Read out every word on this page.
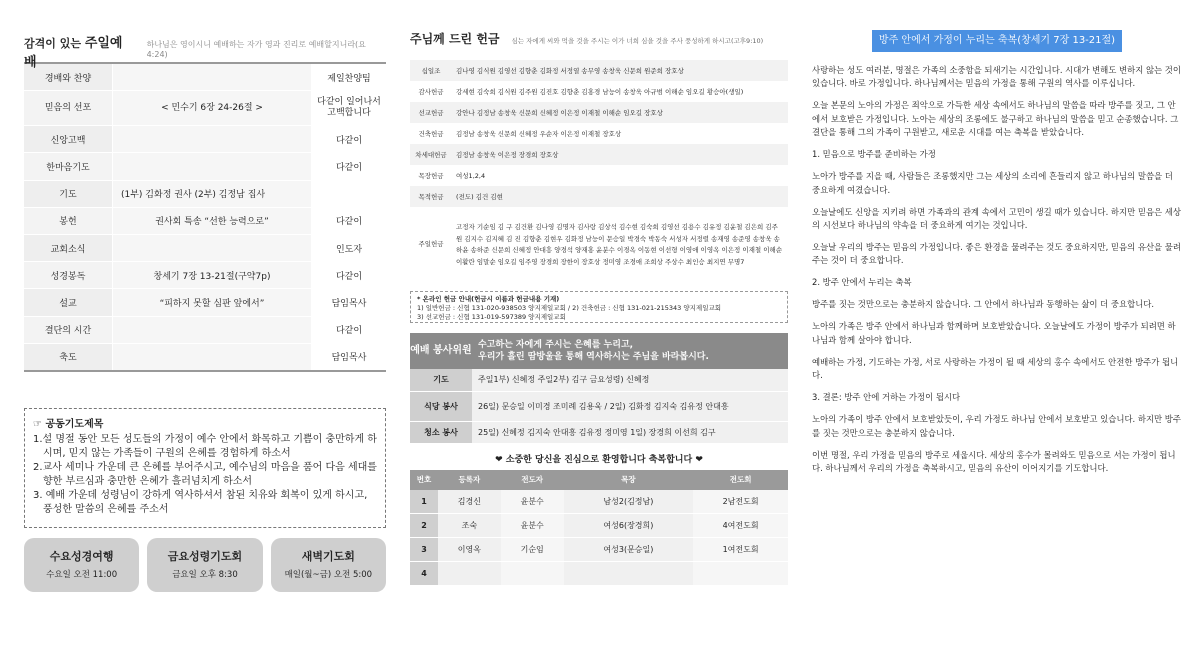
감격이 있는 주일예배
하나님은 영이시니 예배하는 자가 영과 진리로 예배할지니라(요4:24)
경배와 찬양		제일찬양팀
믿음의 선포	< 민수기 6장 24-26절 >	다같이 일어나서 고백합니다
신앙고백		다같이
한마음기도		다같이
기도	(1부) 김화정 권사 (2부) 김정남 집사	
봉헌	권사회 특송 “선한 능력으로”	다같이
교회소식		인도자
성경봉독	창세기 7장 13-21절(구약7p)	다같이
설교	“피하지 못할 심판 앞에서”	담임목사
결단의 시간		다같이
축도		담임목사
☞ 공동기도제목
1.설 명절 동안 모든 성도들의 가정이 예수 안에서 화목하고 기쁨이 충만하게 하시며, 믿지 않는 가족들이 구원의 은혜를 경험하게 하소서
2.교사 세미나 가운데 큰 은혜를 부어주시고, 예수님의 마음을 품어 다음 세대를 향한 부르심과 충만한 은혜가 흘러넘치게 하소서
3. 예배 가운데 성령님이 강하게 역사하셔서 참된 치유와 회복이 있게 하시고, 풍성한 말씀의 은혜를 주소서
수요성경여행
수요일 오전 11:00
금요성령기도회
금요일 오후 8:30
새벽기도회
매일(월~금) 오전 5:00
주님께 드린 헌금 심는 자에게 씨와 먹을 것을 주시는 이가 너희 심을 것을 주사 풍성하게 하시고(고후9:10)
십일조	김나영 김식원 김영선 김향춘 김화정 서정열 송무영 송창욱 신문희 원준희 장호상
감사헌금	강세현 김숙희 김식원 김주원 김진호 김향춘 김홍경 남능이 송창욱 아규범 이해순 임오길 황승아(생일)
선교헌금	강안나 김정남 송창욱 신문희 신혜정 이은정 이재철 이해순 임오길 장호상
건축헌금	김정남 송창욱 신문희 신혜정 우순자 이은정 이재철 장호상
차세대헌금	김정남 송창욱 이은정 장경희 장호상
목장헌금	여성1,2,4
목적헌금	(전도) 김건 김현
주일헌금	고정자 기순임 김 구 김건환 김나영 김명자 김사랑 김상석 김수현 김숙희 김영선 김용수 김유정 김윤철 김은희 김주원 김지수 김지혜 김 진 김향춘 김현우 김화정 남능이 문승일 박경숙 박동숙 서성자 서정렬 송재영 송준영 송창욱 송하윤 송하준 신문희 신혜정 안대흥 양경석 양재홍 윤분수 이경옥 이동현 이선형 이영애 이영옥 이은정 이재철 이해순 이활란 임말순 임오길 임주영 장경희 장한이 장호상 정미영 조경애 조희상 주상수 최인승 최지연 무명7
* 온라인 헌금 안내(헌금시 이름과 헌금내용 기재)
1) 일반헌금 : 신협 131-020-938503 양지제일교회 / 2) 건축헌금 : 신협 131-021-215343 양지제일교회
3) 선교헌금 : 신협 131-019-597389 양지제일교회
예배 봉사위원 수고하는 자에게 주시는 은혜를 누리고,
우리가 흘린 땀방울을 통해 역사하시는 주님을 바라봅시다.
기도	주일1부) 신혜정 주일2부) 김구 금요성령) 신혜정
식당 봉사	26일) 문승일 이미경 조미례 김용욱 / 2일) 김화정 김지숙 김유정 안대흥
청소 봉사	25일) 신혜정 김지숙 안대흥 김유정 정미영 1일) 장경희 이선희 김구
❤ 소중한 당신을 진심으로 환영합니다 축복합니다 ❤
번호	등록자	전도자	목장	전도회
1	김경신	윤분수	남성2(김정남)	2남전도회
2	조숙	윤분수	여성6(장경희)	4여전도회
3	이영옥	기순임	여성3(문승일)	1여전도회
4				
방주 안에서 가정이 누리는 축복(창세기 7장 13-21절)

사랑하는 성도 여러분, 명절은 가족의 소중함을 되새기는 시간입니다. 시대가 변해도 변하지 않는 것이 있습니다. 바로 가정입니다. 하나님께서는 믿음의 가정을 통해 구원의 역사를 이루십니다.

오늘 본문의 노아의 가정은 죄악으로 가득한 세상 속에서도 하나님의 말씀을 따라 방주를 짓고, 그 안에서 보호받은 가정입니다. 노아는 세상의 조롱에도 불구하고 하나님의 말씀을 믿고 순종했습니다. 그 결단을 통해 그의 가족이 구원받고, 새로운 시대를 여는 축복을 받았습니다.

1. 믿음으로 방주를 준비하는 가정

노아가 방주를 지을 때, 사람들은 조롱했지만 그는 세상의 소리에 흔들리지 않고 하나님의 말씀을 더 중요하게 여겼습니다.

오늘날에도 신앙을 지키려 하면 가족과의 관계 속에서 고민이 생길 때가 있습니다. 하지만 믿음은 세상의 시선보다 하나님의 약속을 더 중요하게 여기는 것입니다.

오늘날 우리의 방주는 믿음의 가정입니다. 좋은 환경을 물려주는 것도 중요하지만, 믿음의 유산을 물려주는 것이 더 중요합니다.

2. 방주 안에서 누리는 축복

방주를 짓는 것만으로는 충분하지 않습니다. 그 안에서 하나님과 동행하는 삶이 더 중요합니다.

노아의 가족은 방주 안에서 하나님과 함께하며 보호받았습니다. 오늘날에도 가정이 방주가 되려면 하나님과 함께 살아야 합니다.

예배하는 가정, 기도하는 가정, 서로 사랑하는 가정이 될 때 세상의 홍수 속에서도 안전한 방주가 됩니다.

3. 결론: 방주 안에 거하는 가정이 됩시다

노아의 가족이 방주 안에서 보호받았듯이, 우리 가정도 하나님 안에서 보호받고 있습니다. 하지만 방주를 짓는 것만으로는 충분하지 않습니다.

이번 명절, 우리 가정을 믿음의 방주로 세웁시다. 세상의 홍수가 몰려와도 믿음으로 서는 가정이 됩니다. 하나님께서 우리의 가정을 축복하시고, 믿음의 유산이 이어지기를 기도합니다.
